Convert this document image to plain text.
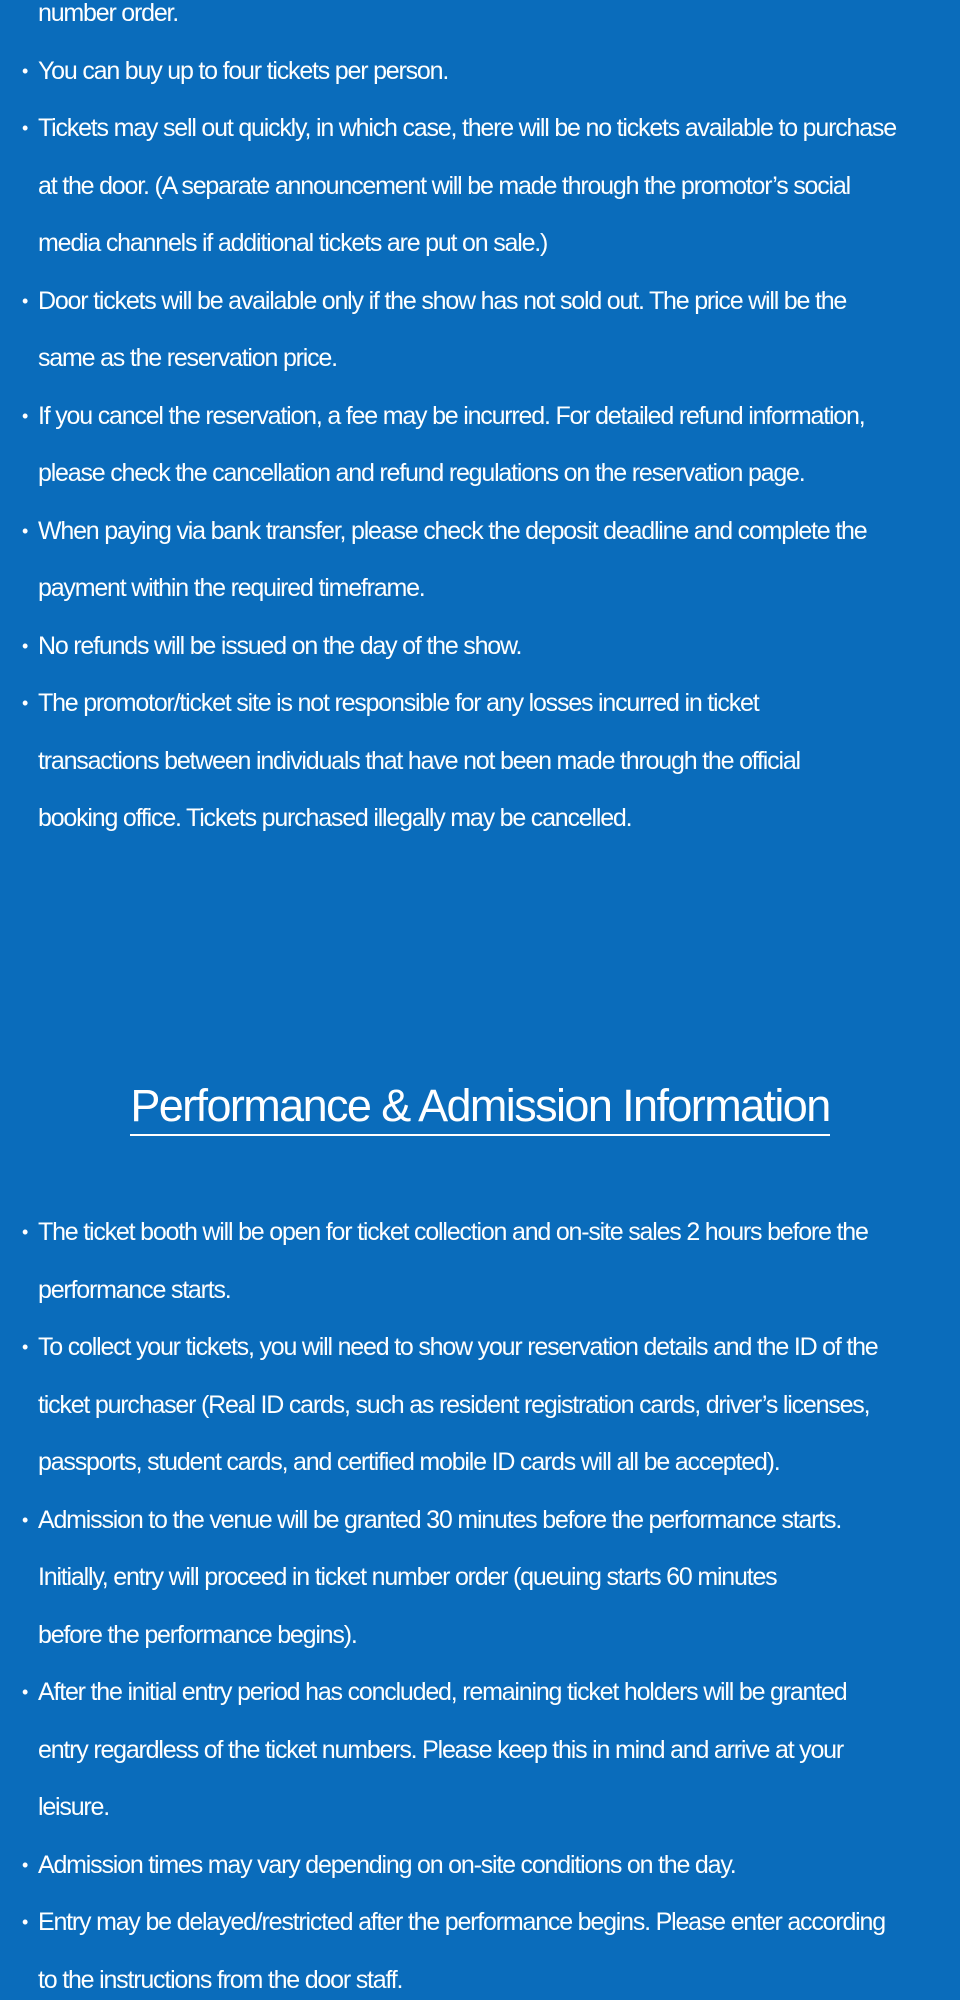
number order.
• You can buy up to four tickets per person.
• Tickets may sell out quickly, in which case, there will be no tickets available to purchase
at the door. (A separate announcement will be made through the promotor’s social
media channels if additional tickets are put on sale.)
• Door tickets will be available only if the show has not sold out. The price will be the
same as the reservation price.
• If you cancel the reservation, a fee may be incurred. For detailed refund information,
please check the cancellation and refund regulations on the reservation page.
• When paying via bank transfer, please check the deposit deadline and complete the
payment within the required timeframe.
• No refunds will be issued on the day of the show.
• The promotor/ticket site is not responsible for any losses incurred in ticket
transactions between individuals that have not been made through the official
booking office. Tickets purchased illegally may be cancelled.
Performance & Admission Information
• The ticket booth will be open for ticket collection and on-site sales 2 hours before the
performance starts.
• To collect your tickets, you will need to show your reservation details and the ID of the
ticket purchaser (Real ID cards, such as resident registration cards, driver’s licenses,
passports, student cards, and certified mobile ID cards will all be accepted).
• Admission to the venue will be granted 30 minutes before the performance starts.
Initially, entry will proceed in ticket number order (queuing starts 60 minutes
before the performance begins).
• After the initial entry period has concluded, remaining ticket holders will be granted
entry regardless of the ticket numbers. Please keep this in mind and arrive at your
leisure.
• Admission times may vary depending on on-site conditions on the day.
• Entry may be delayed/restricted after the performance begins. Please enter according
to the instructions from the door staff.
